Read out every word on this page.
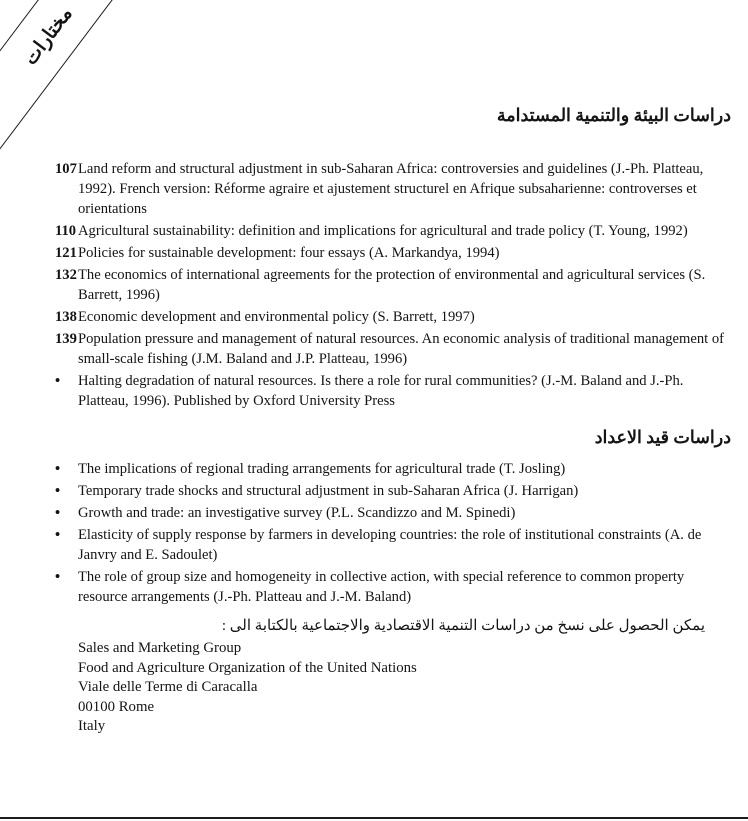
مختارات
دراسات البيئة والتنمية المستدامة
107 Land reform and structural adjustment in sub-Saharan Africa: controversies and guidelines (J.-Ph. Platteau, 1992). French version: Réforme agraire et ajustement structurel en Afrique subsaharienne: controverses et orientations
110 Agricultural sustainability: definition and implications for agricultural and trade policy (T. Young, 1992)
121 Policies for sustainable development: four essays (A. Markandya, 1994)
132 The economics of international agreements for the protection of environmental and agricultural services (S. Barrett, 1996)
138 Economic development and environmental policy (S. Barrett, 1997)
139 Population pressure and management of natural resources. An economic analysis of traditional management of small-scale fishing (J.M. Baland and J.P. Platteau, 1996)
•	Halting degradation of natural resources. Is there a role for rural communities? (J.-M. Baland and J.-Ph. Platteau, 1996). Published by Oxford University Press
دراسات قيد الاعداد
•	The implications of regional trading arrangements for agricultural trade (T. Josling)
•	Temporary trade shocks and structural adjustment in sub-Saharan Africa (J. Harrigan)
•	Growth and trade: an investigative survey (P.L. Scandizzo and M. Spinedi)
•	Elasticity of supply response by farmers in developing countries: the role of institutional constraints (A. de Janvry and E. Sadoulet)
•	The role of group size and homogeneity in collective action, with special reference to common property resource arrangements (J.-Ph. Platteau and J.-M. Baland)
يمكن الحصول على نسخ من دراسات التنمية الاقتصادية والاجتماعية بالكتابة الى :
Sales and Marketing Group
Food and Agriculture Organization of the United Nations
Viale delle Terme di Caracalla
00100 Rome
Italy
